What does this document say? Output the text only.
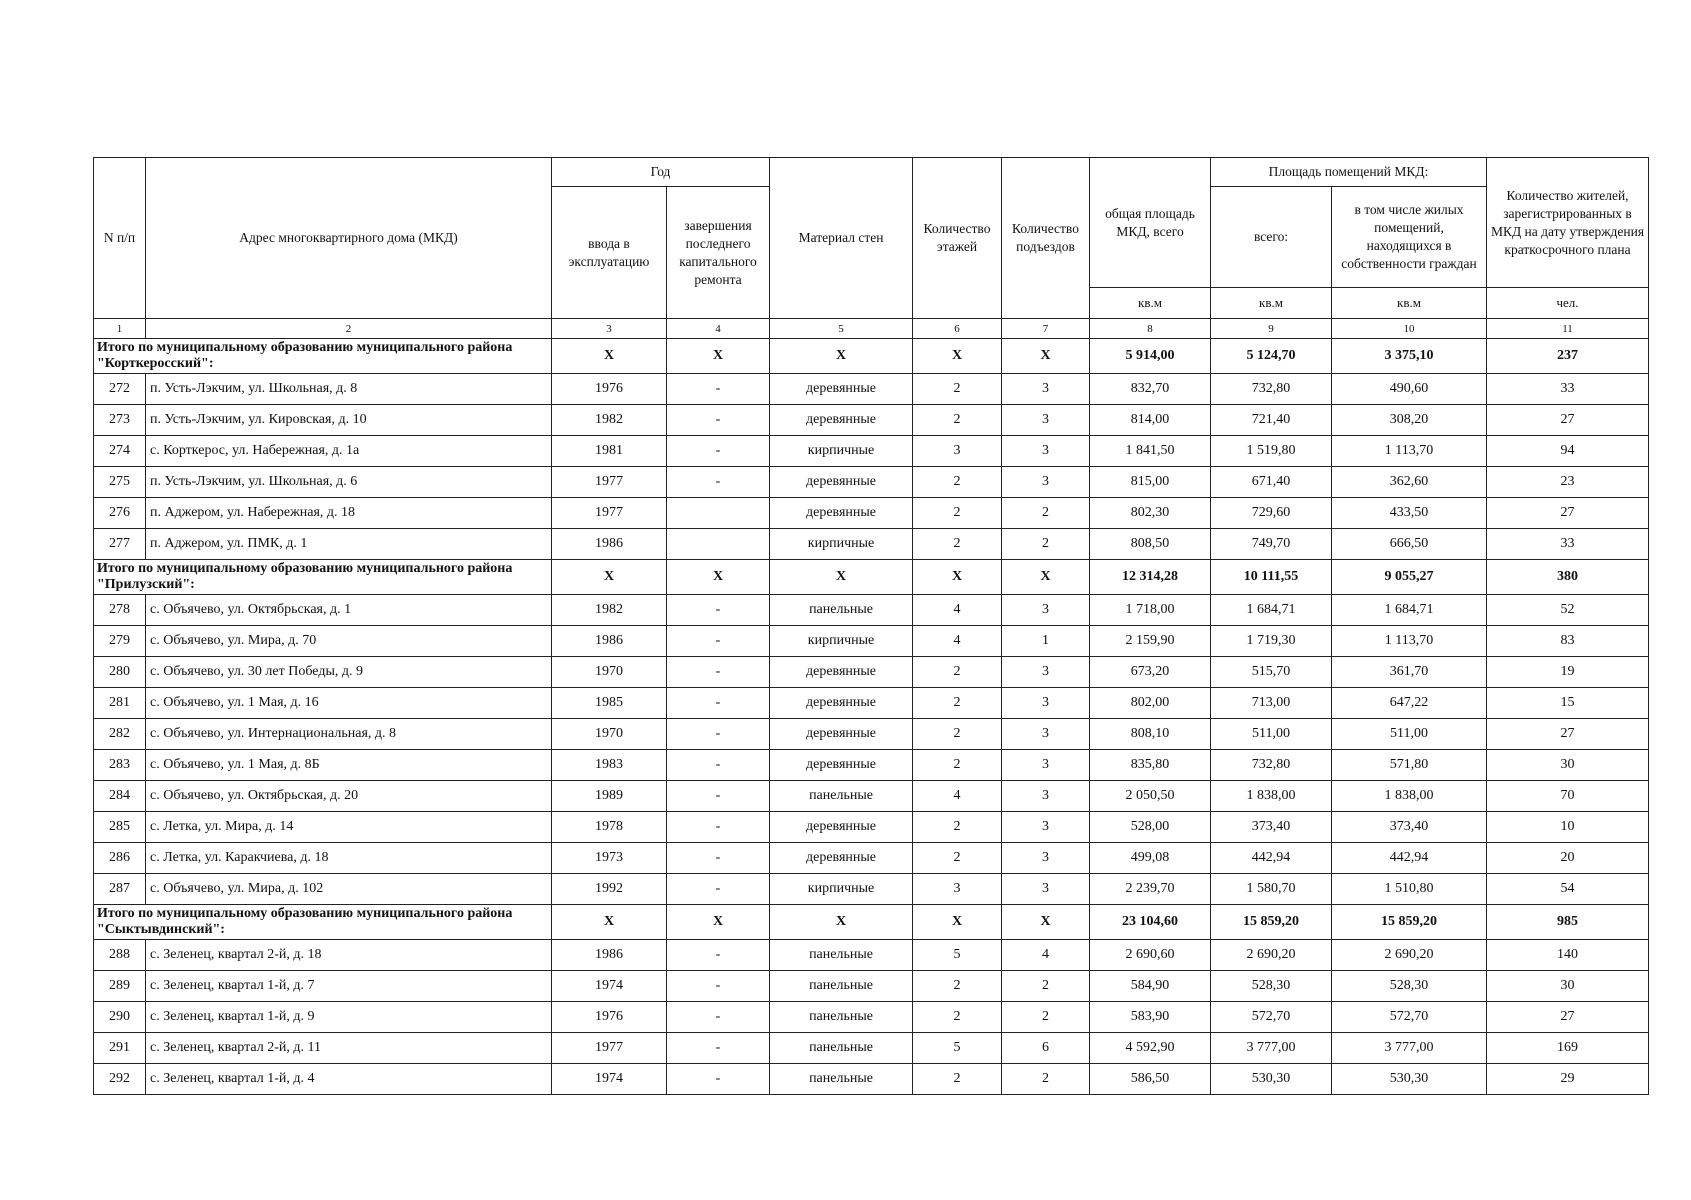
N п/п	Адрес многоквартирного дома (МКД)	Год		Материал стен	Количество этажей	Количество подъездов	общая площадь МКД, всего	Площадь помещений МКД:		Количество жителей, зарегистрированных в МКД на дату утверждения краткосрочного плана
		ввода в эксплуатацию	завершения последнего капитального ремонта					всего:	в том числе жилых помещений, находящихся в собственности граждан	
							кв.м	кв.м	кв.м	чел.
1	2	3	4	5	6	7	8	9	10	11
Итого по муниципальному образованию муниципального района "Корткеросский":		X	X	X	X	X	5 914,00	5 124,70	3 375,10	237
272	п. Усть-Лэкчим, ул. Школьная, д. 8	1976	-	деревянные	2	3	832,70	732,80	490,60	33
273	п. Усть-Лэкчим, ул. Кировская, д. 10	1982	-	деревянные	2	3	814,00	721,40	308,20	27
274	с. Корткерос, ул. Набережная, д. 1а	1981	-	кирпичные	3	3	1 841,50	1 519,80	1 113,70	94
275	п. Усть-Лэкчим, ул. Школьная, д. 6	1977	-	деревянные	2	3	815,00	671,40	362,60	23
276	п. Аджером, ул. Набережная, д. 18	1977		деревянные	2	2	802,30	729,60	433,50	27
277	п. Аджером, ул. ПМК, д. 1	1986		кирпичные	2	2	808,50	749,70	666,50	33
Итого по муниципальному образованию муниципального района "Прилузский":		X	X	X	X	X	12 314,28	10 111,55	9 055,27	380
278	с. Объячево, ул. Октябрьская, д. 1	1982	-	панельные	4	3	1 718,00	1 684,71	1 684,71	52
279	с. Объячево, ул. Мира, д. 70	1986	-	кирпичные	4	1	2 159,90	1 719,30	1 113,70	83
280	с. Объячево, ул. 30 лет Победы, д. 9	1970	-	деревянные	2	3	673,20	515,70	361,70	19
281	с. Объячево, ул. 1 Мая, д. 16	1985	-	деревянные	2	3	802,00	713,00	647,22	15
282	с. Объячево, ул. Интернациональная, д. 8	1970	-	деревянные	2	3	808,10	511,00	511,00	27
283	с. Объячево, ул. 1 Мая, д. 8Б	1983	-	деревянные	2	3	835,80	732,80	571,80	30
284	с. Объячево, ул. Октябрьская, д. 20	1989	-	панельные	4	3	2 050,50	1 838,00	1 838,00	70
285	с. Летка, ул. Мира, д. 14	1978	-	деревянные	2	3	528,00	373,40	373,40	10
286	с. Летка, ул. Каракчиева, д. 18	1973	-	деревянные	2	3	499,08	442,94	442,94	20
287	с. Объячево, ул. Мира, д. 102	1992	-	кирпичные	3	3	2 239,70	1 580,70	1 510,80	54
Итого по муниципальному образованию муниципального района "Сыктывдинский":		X	X	X	X	X	23 104,60	15 859,20	15 859,20	985
288	с. Зеленец, квартал 2-й, д. 18	1986	-	панельные	5	4	2 690,60	2 690,20	2 690,20	140
289	с. Зеленец, квартал 1-й, д. 7	1974	-	панельные	2	2	584,90	528,30	528,30	30
290	с. Зеленец, квартал 1-й, д. 9	1976	-	панельные	2	2	583,90	572,70	572,70	27
291	с. Зеленец, квартал 2-й, д. 11	1977	-	панельные	5	6	4 592,90	3 777,00	3 777,00	169
292	с. Зеленец, квартал 1-й, д. 4	1974	-	панельные	2	2	586,50	530,30	530,30	29
